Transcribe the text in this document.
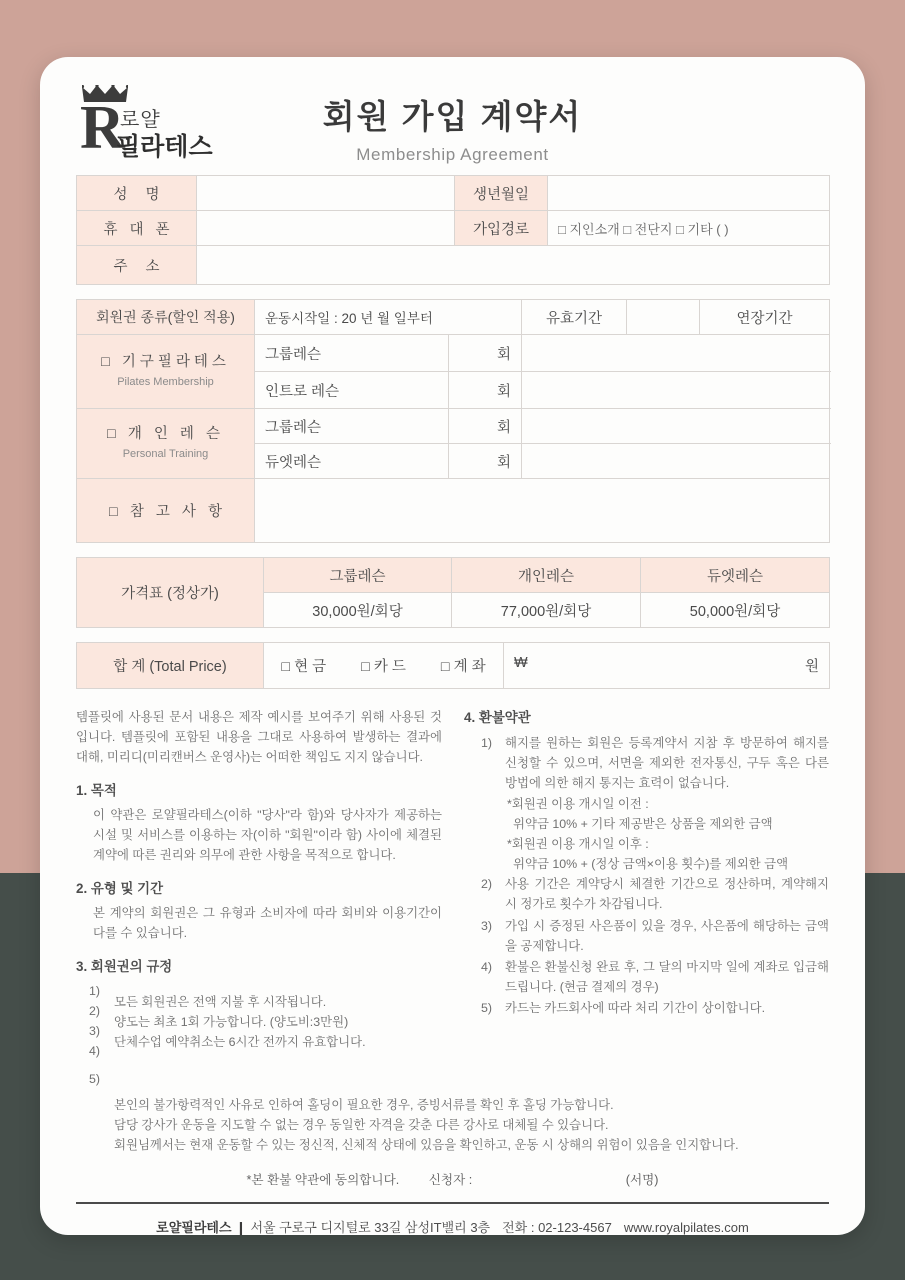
R
로얄
필라테스
회원 가입 계약서
Membership Agreement
성 명		생년월일	
휴 대 폰		가입경로	□ 지인소개 □ 전단지 □ 기타 ( )
주 소			
회원권 종류(할인 적용)	운동시작일 : 20 년 월 일부터		유효기간		연장기간	
□ 기구필라테스
Pilates Membership	그룹레슨	회				
	인트로 레슨	회				
□ 개 인 레 슨
Personal Training	그룹레슨	회				
	듀엣레슨	회				
□ 참 고 사 항						
가격표 (정상가)	그룹레슨	개인레슨	듀엣레슨
	30,000원/회당	77,000원/회당	50,000원/회당
합 계 (Total Price)	□ 현 금	□ 카 드	□ 계 좌	₩	원
템플릿에 사용된 문서 내용은 제작 예시를 보여주기 위해 사용된 것입니다. 템플릿에 포함된 내용을 그대로 사용하여 발생하는 결과에 대해, 미리디(미리캔버스 운영사)는 어떠한 책임도 지지 않습니다.
1. 목적
이 약관은 로얄필라테스(이하 "당사"라 함)와 당사자가 제공하는 시설 및 서비스를 이용하는 자(이하 "회원"이라 함) 사이에 체결된 계약에 따른 권리와 의무에 관한 사항을 목적으로 합니다.
2. 유형 및 기간
본 계약의 회원권은 그 유형과 소비자에 따라 회비와 이용기간이 다를 수 있습니다.
3. 회원권의 규정
1)
모든 회원권은 전액 지불 후 시작됩니다.
2)
양도는 최초 1회 가능합니다. (양도비:3만원)
3)
단체수업 예약취소는 6시간 전까지 유효합니다.
4)
5)
4. 환불약관
1)	해지를 원하는 회원은 등록계약서 지참 후 방문하여 해지를 신청할 수 있으며, 서면을 제외한 전자통신, 구두 혹은 다른 방법에 의한 해지 통지는 효력이 없습니다.
*회원권 이용 개시일 이전 :
위약금 10% + 기타 제공받은 상품을 제외한 금액
*회원권 이용 개시일 이후 :
위약금 10% + (정상 금액×이용 횟수)를 제외한 금액
2)	사용 기간은 계약당시 체결한 기간으로 정산하며, 계약해지 시 정가로 횟수가 차감됩니다.
3)	가입 시 증정된 사은품이 있을 경우, 사은품에 해당하는 금액을 공제합니다.
4)	환불은 환불신청 완료 후, 그 달의 마지막 일에 계좌로 입금해 드립니다. (현금 결제의 경우)
5)	카드는 카드회사에 따라 처리 기간이 상이합니다.
본인의 불가항력적인 사유로 인하여 홀딩이 필요한 경우, 증빙서류를 확인 후 홀딩 가능합니다.
담당 강사가 운동을 지도할 수 없는 경우 동일한 자격을 갖춘 다른 강사로 대체될 수 있습니다.
회원님께서는 현재 운동할 수 있는 정신적, 신체적 상태에 있음을 확인하고, 운동 시 상해의 위험이 있음을 인지합니다.
*본 환불 약관에 동의합니다. 신청자 :	(서명)
로얄필라테스 ❙ 서울 구로구 디지털로 33길 삼성IT밸리 3층 전화 : 02-123-4567 www.royalpilates.com
